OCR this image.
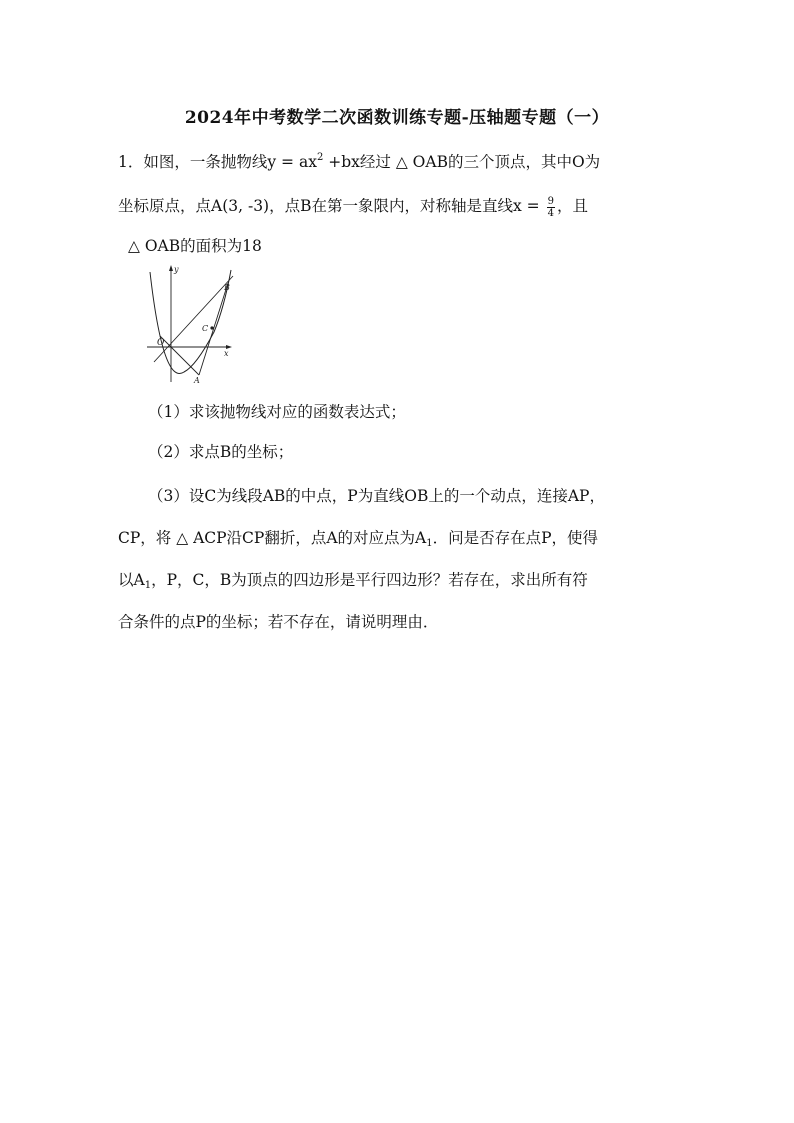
2024年中考数学二次函数训练专题-压轴题专题（一）
1．如图，一条抛物线$y = ax^2 +bx$经过 △ OAB的三个顶点，其中O为
坐标原点，点A(3, -3)，点B在第一象限内，对称轴是直线$x = \frac{9}{4}$ ，且
△ OAB的面积为18
y
x
O
A
B
C
（1）求该抛物线对应的函数表达式；
（2）求点B的坐标；
（3）设C为线段AB的中点，P为直线OB上的一个动点，连接AP，
CP，将 △ ACP沿CP翻折，点A的对应点为$A_1$．问是否存在点P，使得
以$A_1$，P，C，B为顶点的四边形是平行四边形？若存在，求出所有符
合条件的点P的坐标；若不存在，请说明理由．
